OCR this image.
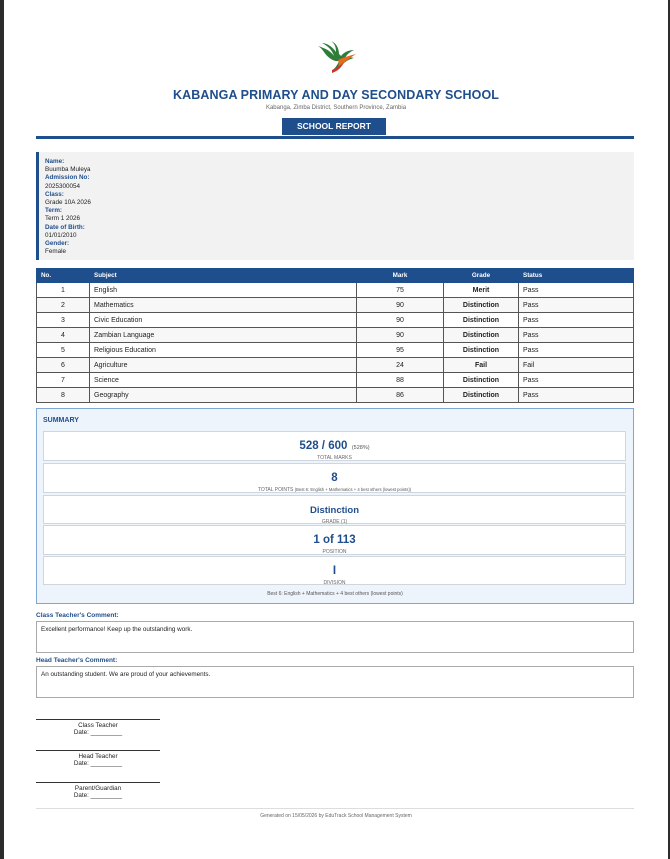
KABANGA PRIMARY AND DAY SECONDARY SCHOOL
Kabanga, Zimba District, Southern Province, Zambia
SCHOOL REPORT
Name:
Buumba Muleya
Admission No:
2025300054
Class:
Grade 10A 2026
Term:
Term 1 2026
Date of Birth:
01/01/2010
Gender:
Female
No.	Subject	Mark	Grade	Status
1	English	75	Merit	Pass
2	Mathematics	90	Distinction	Pass
3	Civic Education	90	Distinction	Pass
4	Zambian Language	90	Distinction	Pass
5	Religious Education	95	Distinction	Pass
6	Agriculture	24	Fail	Fail
7	Science	88	Distinction	Pass
8	Geography	86	Distinction	Pass
SUMMARY
528 / 600 (528%)
TOTAL MARKS
8
TOTAL POINTS (Best 6: English + Mathematics + 4 best others (lowest points))
Distinction
GRADE (1)
1 of 113
POSITION
I
DIVISION
Best 6: English + Mathematics + 4 best others (lowest points)
Class Teacher's Comment:
Excellent performance! Keep up the outstanding work.
Head Teacher's Comment:
An outstanding student. We are proud of your achievements.
Class Teacher
Date: _________
Head Teacher
Date: _________
Parent/Guardian
Date: _________
Generated on 15/05/2026 by EduTrack School Management System
